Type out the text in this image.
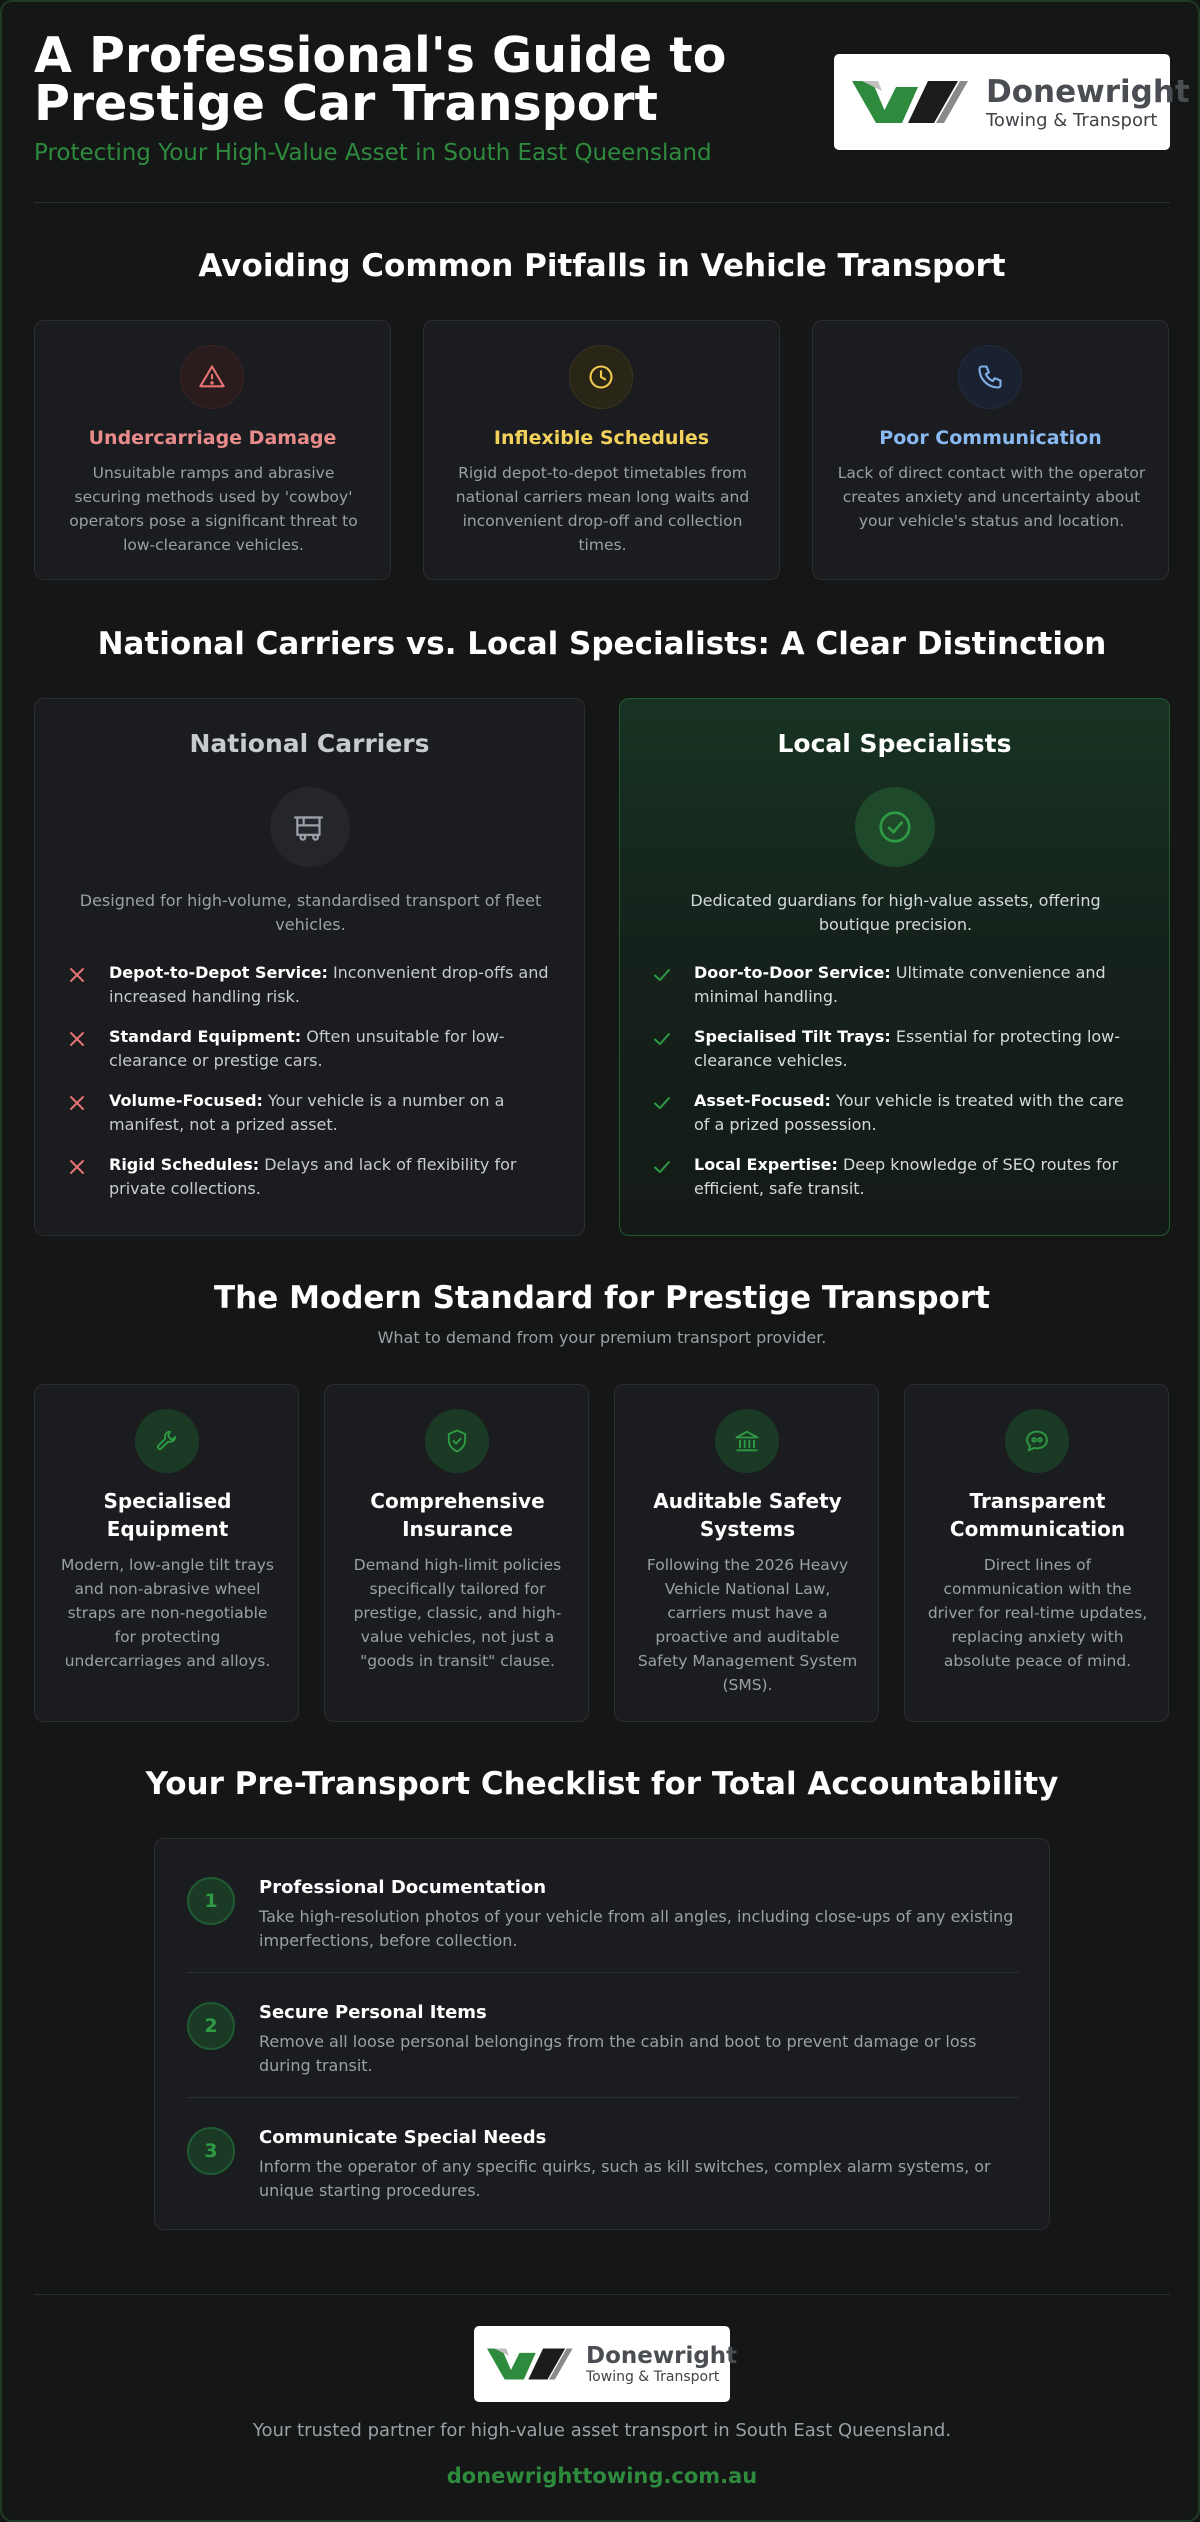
A Professional's Guide to Prestige Car Transport
Protecting Your High-Value Asset in South East Queensland
Donewright
Towing & Transport
Avoiding Common Pitfalls in Vehicle Transport
Undercarriage Damage
Unsuitable ramps and abrasive securing methods used by 'cowboy' operators pose a significant threat to low-clearance vehicles.
Inflexible Schedules
Rigid depot-to-depot timetables from national carriers mean long waits and inconvenient drop-off and collection times.
Poor Communication
Lack of direct contact with the operator creates anxiety and uncertainty about your vehicle's status and location.
National Carriers vs. Local Specialists: A Clear Distinction
National Carriers
Designed for high-volume, standardised transport of fleet vehicles.
Depot-to-Depot Service: Inconvenient drop-offs and increased handling risk.
Standard Equipment: Often unsuitable for low-clearance or prestige cars.
Volume-Focused: Your vehicle is a number on a manifest, not a prized asset.
Rigid Schedules: Delays and lack of flexibility for private collections.
Local Specialists
Dedicated guardians for high-value assets, offering boutique precision.
Door-to-Door Service: Ultimate convenience and minimal handling.
Specialised Tilt Trays: Essential for protecting low-clearance vehicles.
Asset-Focused: Your vehicle is treated with the care of a prized possession.
Local Expertise: Deep knowledge of SEQ routes for efficient, safe transit.
The Modern Standard for Prestige Transport
What to demand from your premium transport provider.
Specialised Equipment
Modern, low-angle tilt trays and non-abrasive wheel straps are non-negotiable for protecting undercarriages and alloys.
Comprehensive Insurance
Demand high-limit policies specifically tailored for prestige, classic, and high-value vehicles, not just a "goods in transit" clause.
Auditable Safety Systems
Following the 2026 Heavy Vehicle National Law, carriers must have a proactive and auditable Safety Management System (SMS).
Transparent Communication
Direct lines of communication with the driver for real-time updates, replacing anxiety with absolute peace of mind.
Your Pre-Transport Checklist for Total Accountability
1
Professional Documentation
Take high-resolution photos of your vehicle from all angles, including close-ups of any existing imperfections, before collection.
2
Secure Personal Items
Remove all loose personal belongings from the cabin and boot to prevent damage or loss during transit.
3
Communicate Special Needs
Inform the operator of any specific quirks, such as kill switches, complex alarm systems, or unique starting procedures.
Donewright
Towing & Transport
Your trusted partner for high-value asset transport in South East Queensland.
donewrighttowing.com.au
